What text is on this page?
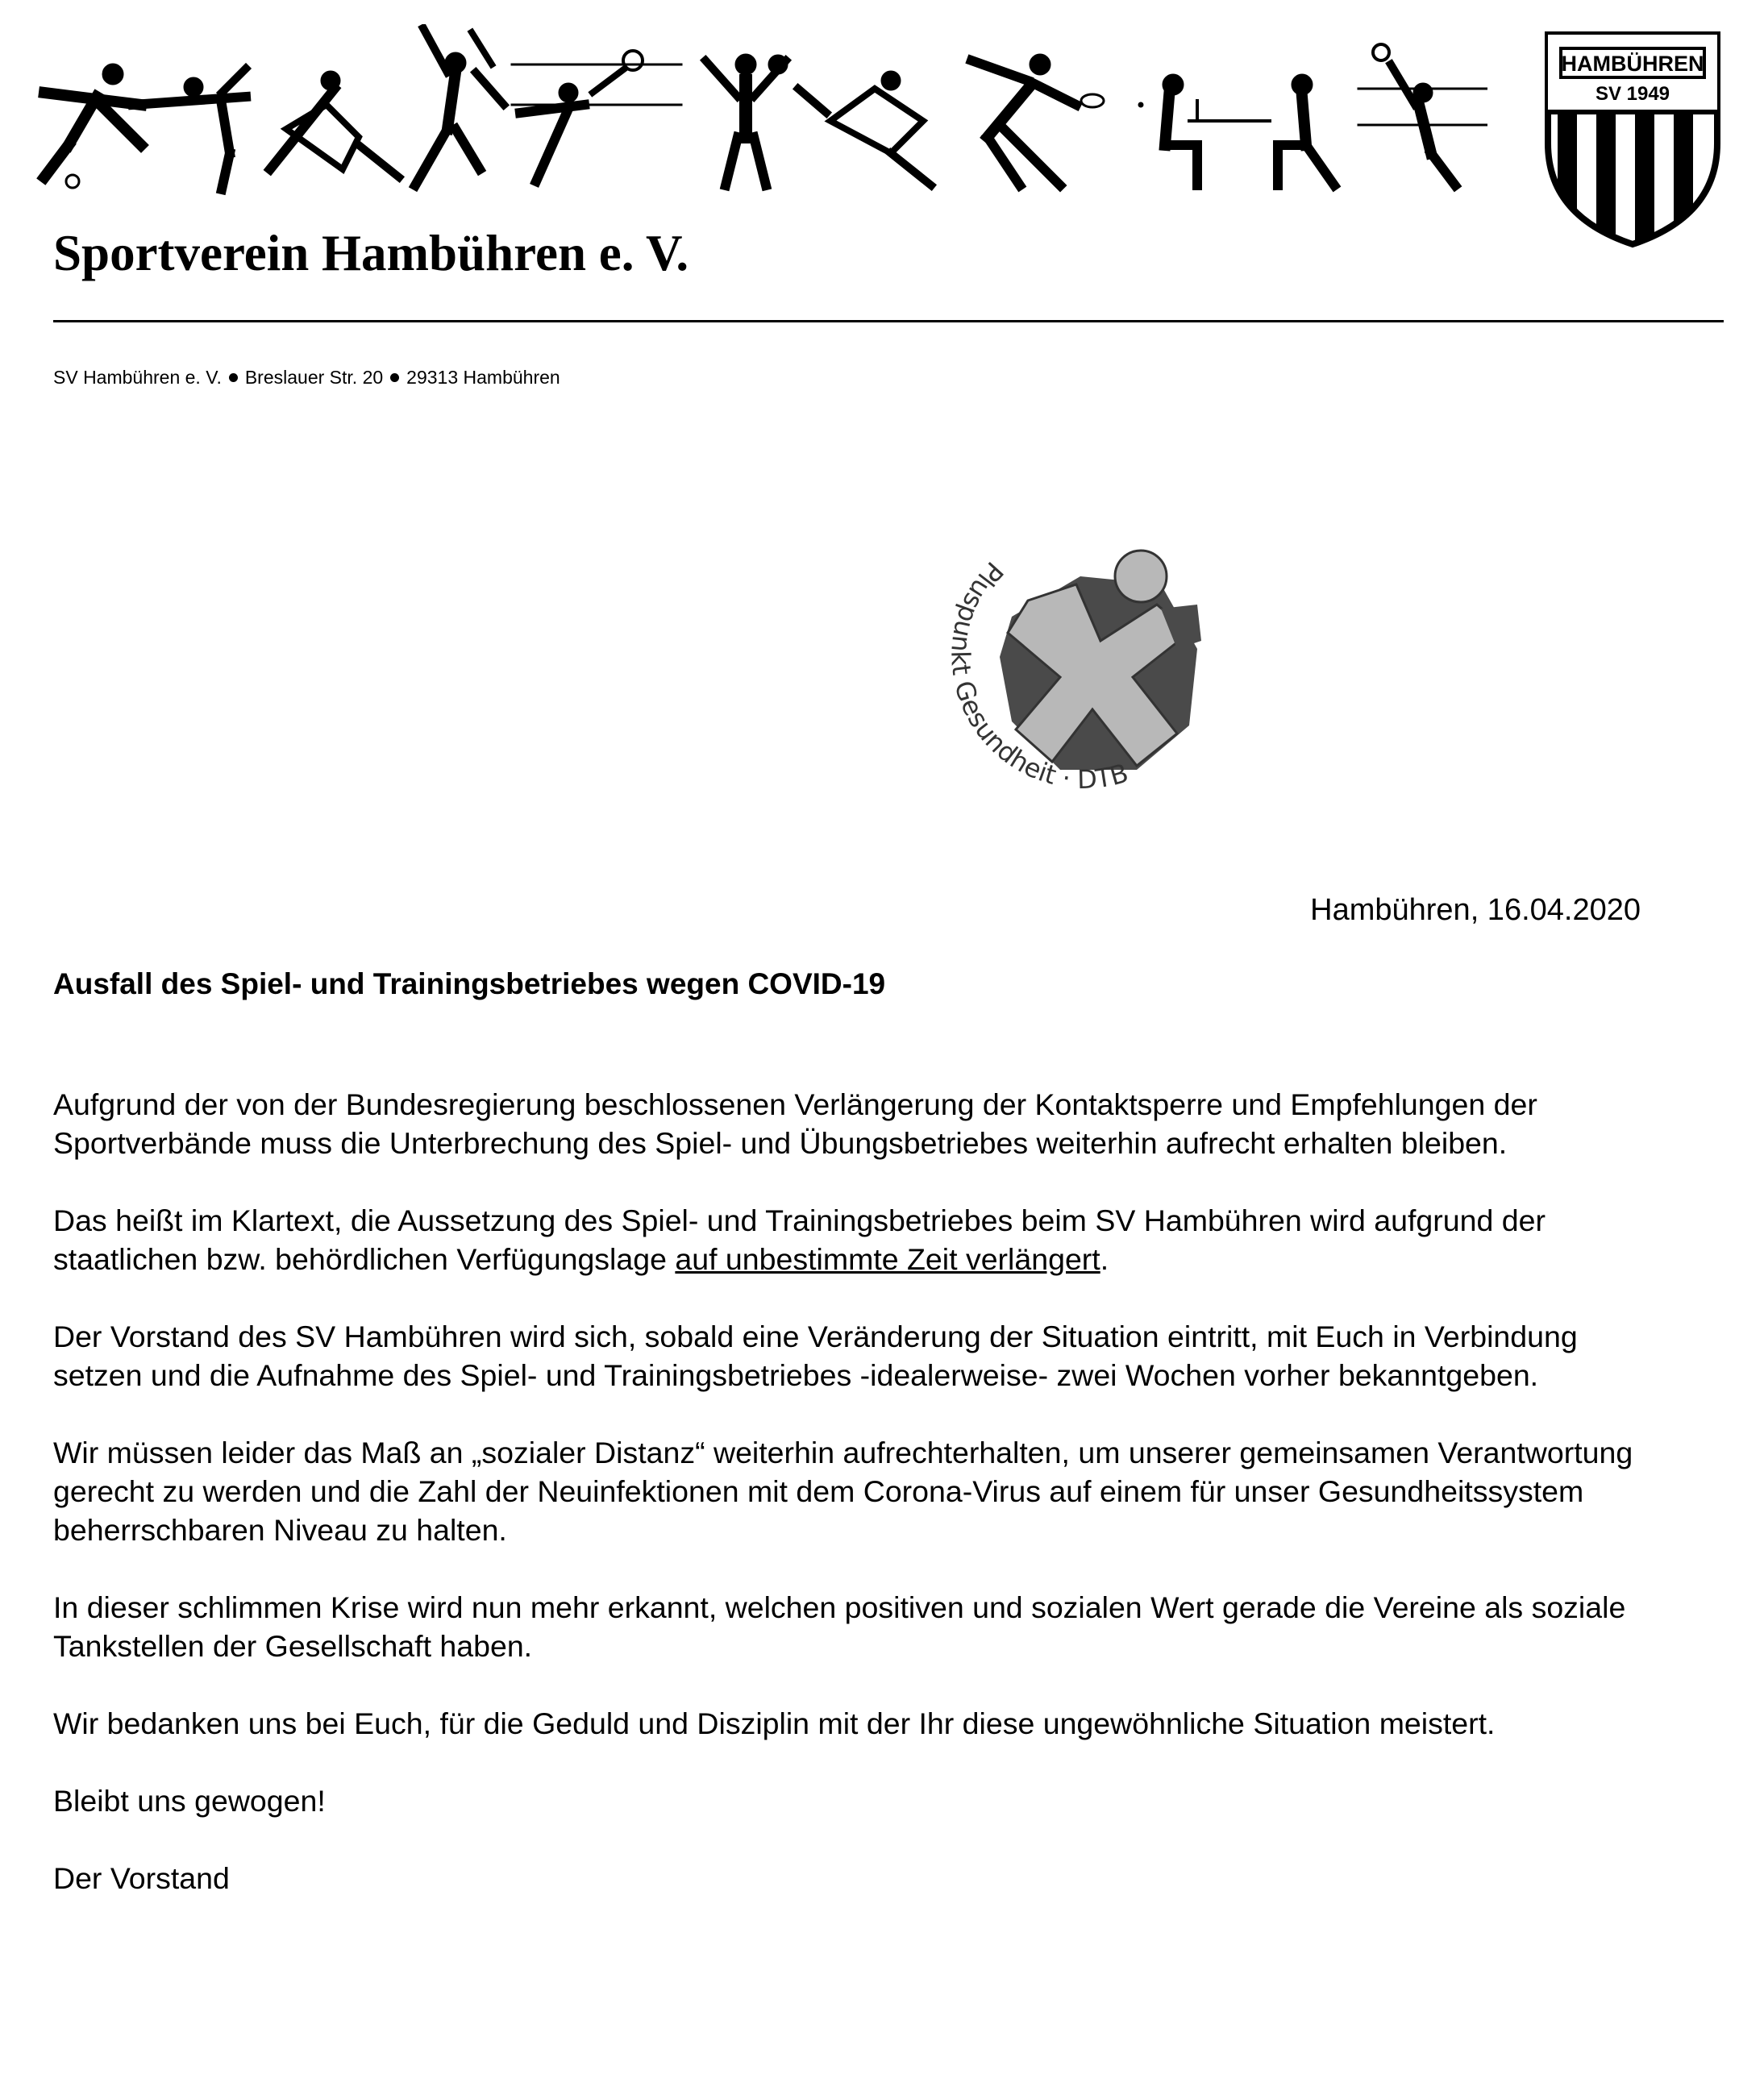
HAMBÜHREN
SV 1949
Sportverein Hambühren e. V.
SV Hambühren e. V. Breslauer Str. 20 29313 Hambühren
Pluspunkt Gesundheit · DTB
Hambühren, 16.04.2020
Ausfall des Spiel- und Trainingsbetriebes wegen COVID-19

Aufgrund der von der Bundesregierung beschlossenen Verlängerung der Kontaktsperre und Empfehlungen der Sportverbände muss die Unterbrechung des Spiel- und Übungsbetriebes weiterhin aufrecht erhalten bleiben.

Das heißt im Klartext, die Aussetzung des Spiel- und Trainingsbetriebes beim SV Hambühren wird aufgrund der staatlichen bzw. behördlichen Verfügungslage auf unbestimmte Zeit verlängert.

Der Vorstand des SV Hambühren wird sich, sobald eine Veränderung der Situation eintritt, mit Euch in Verbindung setzen und die Aufnahme des Spiel- und Trainingsbetriebes -idealerweise- zwei Wochen vorher bekanntgeben.

Wir müssen leider das Maß an „sozialer Distanz“ weiterhin aufrechterhalten, um unserer gemeinsamen Verantwortung gerecht zu werden und die Zahl der Neuinfektionen mit dem Corona-Virus auf einem für unser Gesundheitssystem beherrschbaren Niveau zu halten.

In dieser schlimmen Krise wird nun mehr erkannt, welchen positiven und sozialen Wert gerade die Vereine als soziale Tankstellen der Gesellschaft haben.

Wir bedanken uns bei Euch, für die Geduld und Disziplin mit der Ihr diese ungewöhnliche Situation meistert.

Bleibt uns gewogen!

Der Vorstand
